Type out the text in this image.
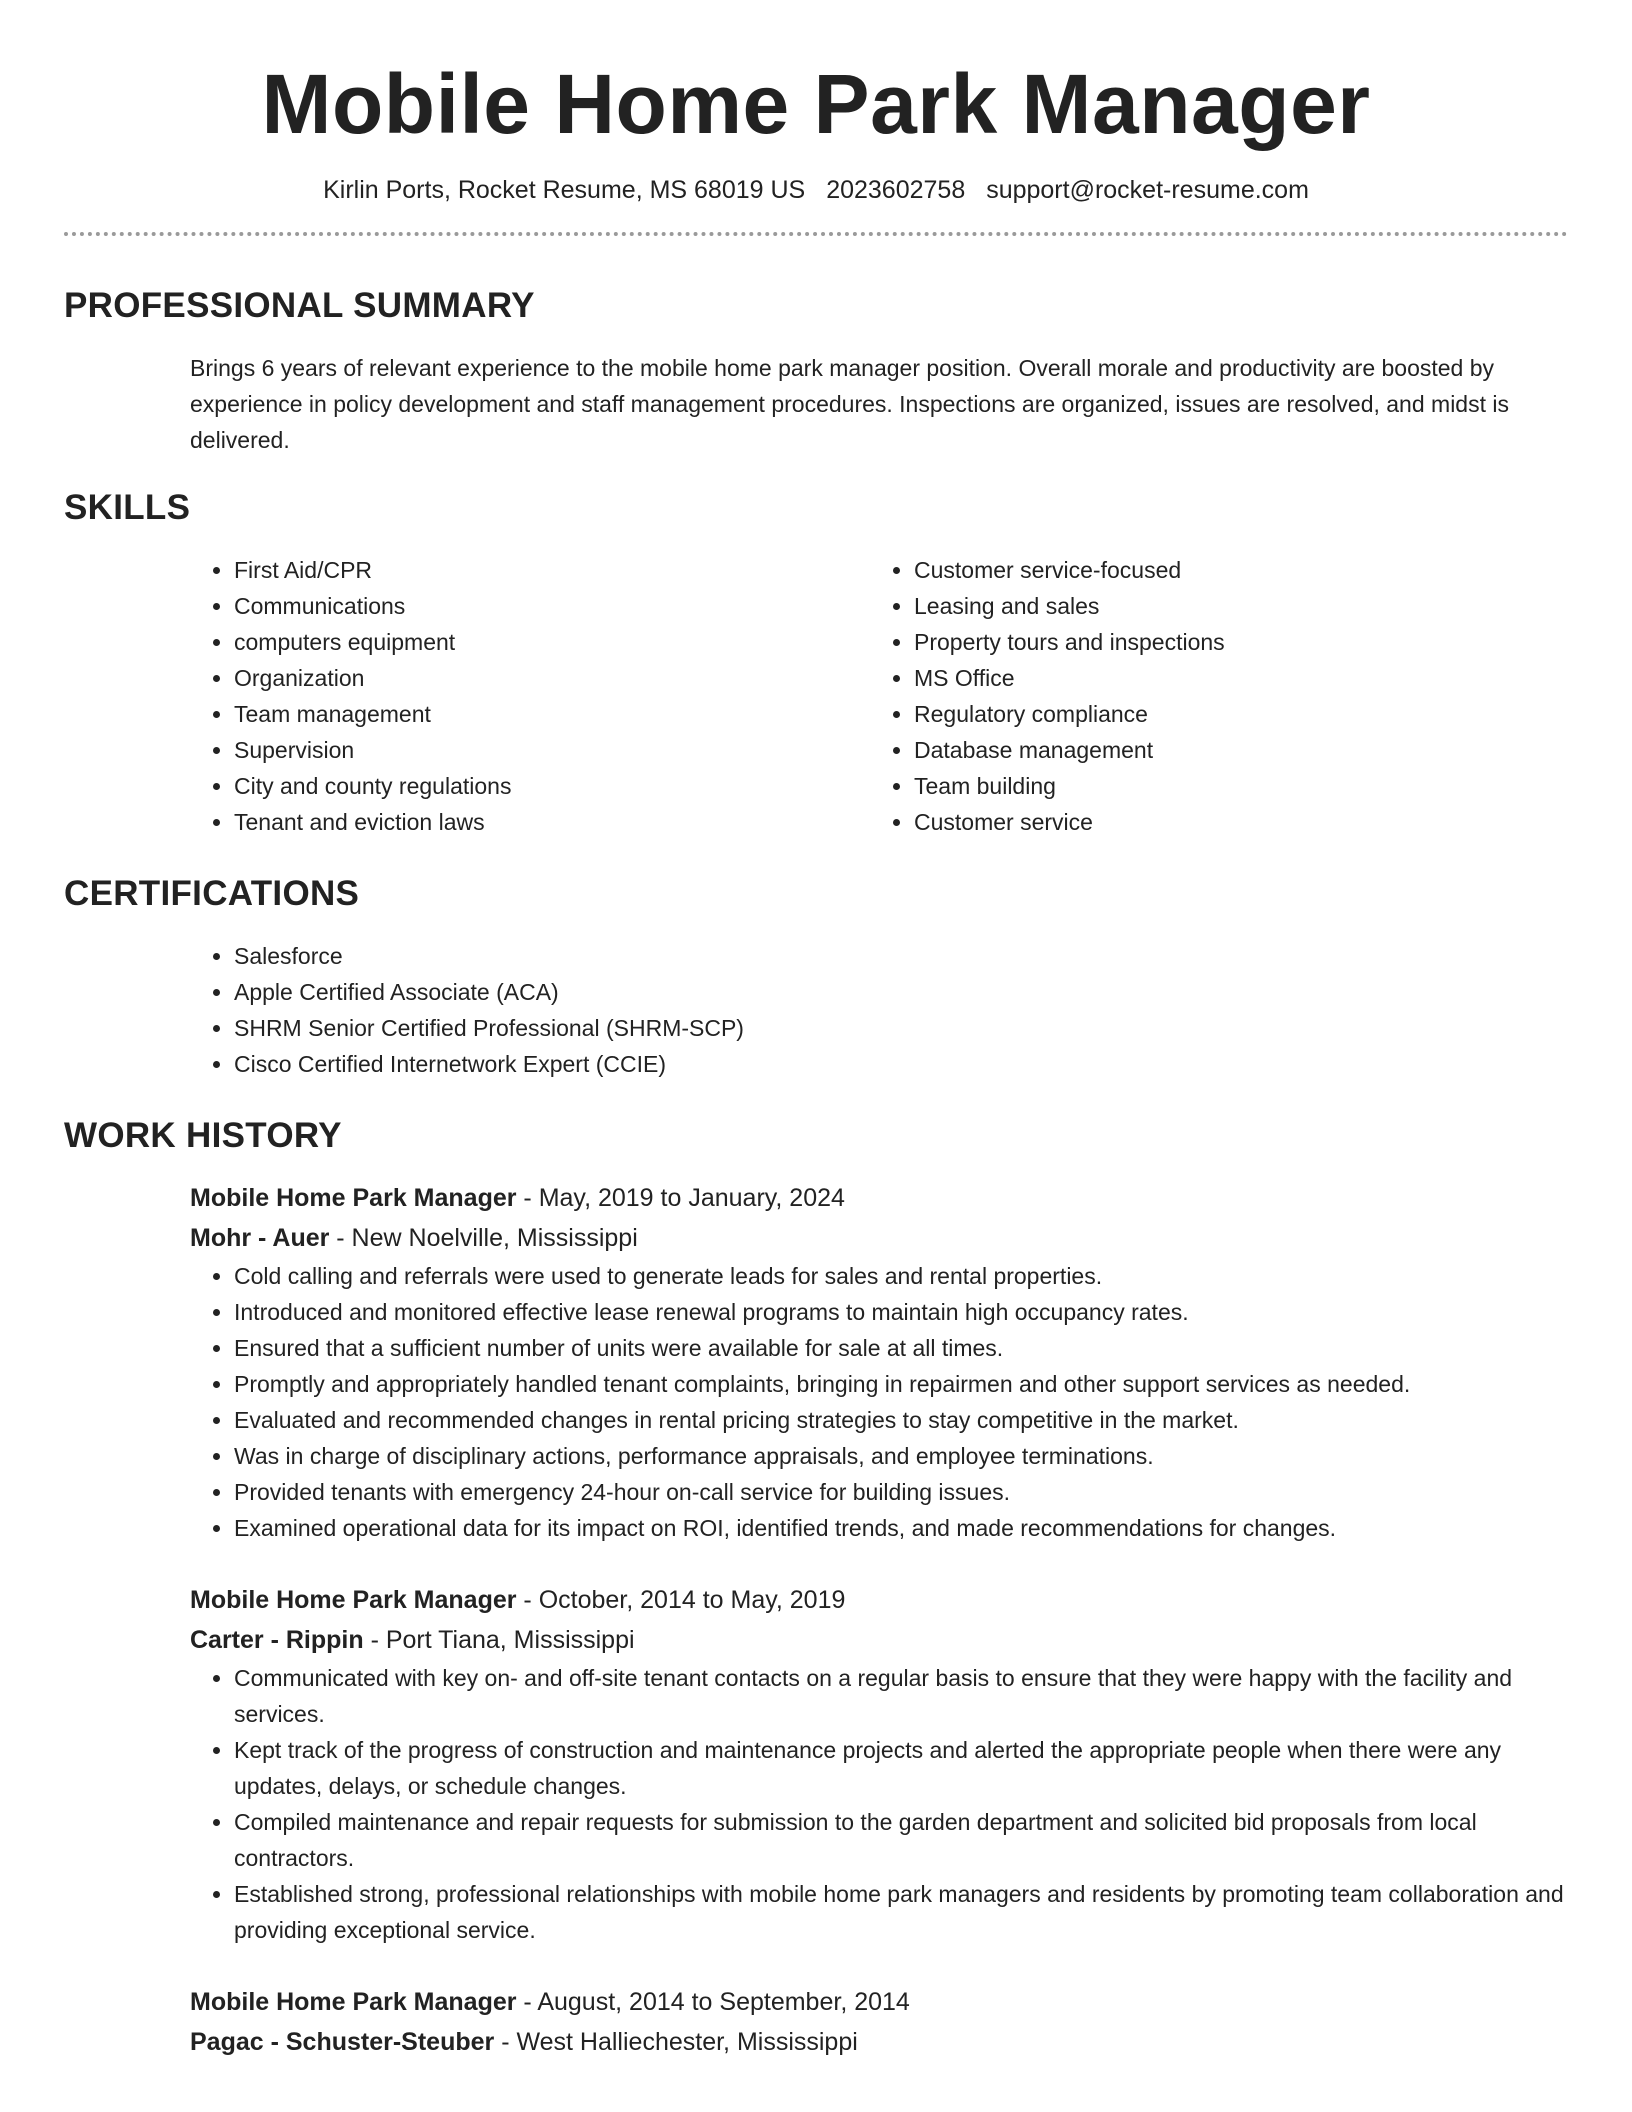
Mobile Home Park Manager
Kirlin Ports, Rocket Resume, MS 68019 US 2023602758 support@rocket-resume.com
PROFESSIONAL SUMMARY
Brings 6 years of relevant experience to the mobile home park manager position. Overall morale and productivity are boosted by experience in policy development and staff management procedures. Inspections are organized, issues are resolved, and midst is delivered.
SKILLS
• First Aid/CPR
• Communications
• computers equipment
• Organization
• Team management
• Supervision
• City and county regulations
• Tenant and eviction laws
• Customer service-focused
• Leasing and sales
• Property tours and inspections
• MS Office
• Regulatory compliance
• Database management
• Team building
• Customer service
CERTIFICATIONS
• Salesforce
• Apple Certified Associate (ACA)
• SHRM Senior Certified Professional (SHRM-SCP)
• Cisco Certified Internetwork Expert (CCIE)
WORK HISTORY
Mobile Home Park Manager - May, 2019 to January, 2024
Mohr - Auer - New Noelville, Mississippi
• Cold calling and referrals were used to generate leads for sales and rental properties.
• Introduced and monitored effective lease renewal programs to maintain high occupancy rates.
• Ensured that a sufficient number of units were available for sale at all times.
• Promptly and appropriately handled tenant complaints, bringing in repairmen and other support services as needed.
• Evaluated and recommended changes in rental pricing strategies to stay competitive in the market.
• Was in charge of disciplinary actions, performance appraisals, and employee terminations.
• Provided tenants with emergency 24-hour on-call service for building issues.
• Examined operational data for its impact on ROI, identified trends, and made recommendations for changes.
Mobile Home Park Manager - October, 2014 to May, 2019
Carter - Rippin - Port Tiana, Mississippi
• Communicated with key on- and off-site tenant contacts on a regular basis to ensure that they were happy with the facility and services.
• Kept track of the progress of construction and maintenance projects and alerted the appropriate people when there were any updates, delays, or schedule changes.
• Compiled maintenance and repair requests for submission to the garden department and solicited bid proposals from local contractors.
• Established strong, professional relationships with mobile home park managers and residents by promoting team collaboration and providing exceptional service.
Mobile Home Park Manager - August, 2014 to September, 2014
Pagac - Schuster-Steuber - West Halliechester, Mississippi
